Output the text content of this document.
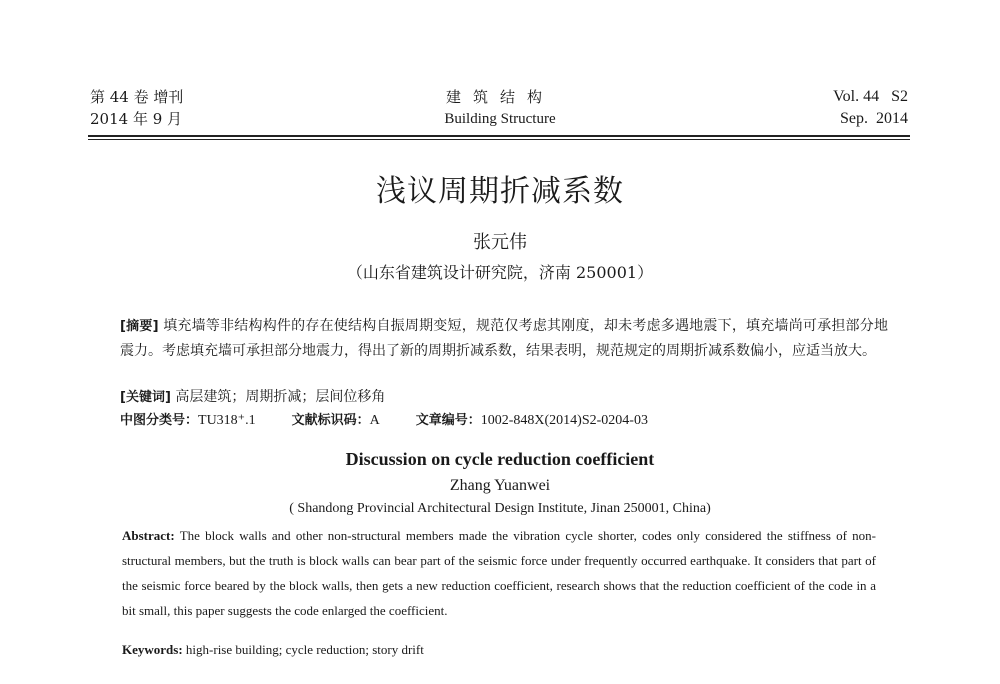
第 44 卷 增刊
2014 年 9 月
建筑结构
Building Structure
Vol. 44   S2
Sep.  2014
浅议周期折减系数
张元伟
（山东省建筑设计研究院，济南 250001）
[摘要] 填充墙等非结构构件的存在使结构自振周期变短，规范仅考虑其刚度，却未考虑多遇地震下，填充墙尚可承担部分地震力。考虑填充墙可承担部分地震力，得出了新的周期折减系数，结果表明，规范规定的周期折减系数偏小，应适当放大。
[关键词] 高层建筑；周期折减；层间位移角
中图分类号：TU318⁺.1	文献标识码：A	文章编号：1002-848X(2014)S2-0204-03
Discussion on cycle reduction coefficient
Zhang Yuanwei
( Shandong Provincial Architectural Design Institute, Jinan 250001, China)
Abstract: The block walls and other non-structural members made the vibration cycle shorter, codes only considered the stiffness of non-structural members, but the truth is block walls can bear part of the seismic force under frequently occurred earthquake. It considers that part of the seismic force beared by the block walls, then gets a new reduction coefficient, research shows that the reduction coefficient of the code in a bit small, this paper suggests the code enlarged the coefficient.
Keywords: high-rise building; cycle reduction; story drift
